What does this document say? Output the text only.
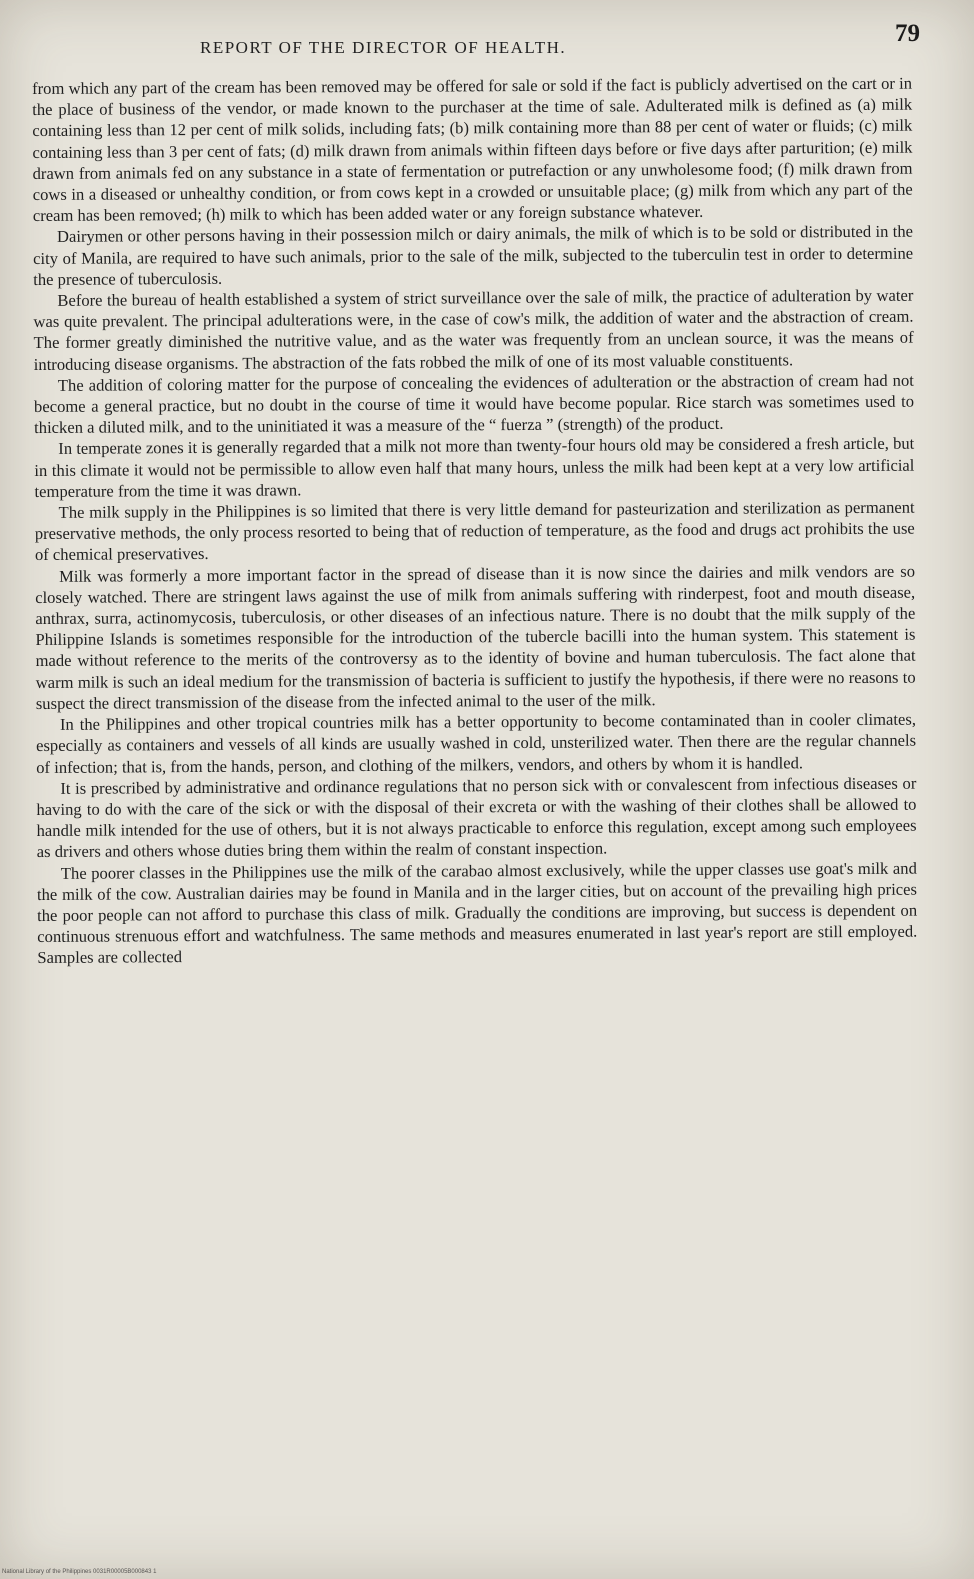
REPORT OF THE DIRECTOR OF HEALTH.
79

from which any part of the cream has been removed may be offered for sale or sold if the fact is publicly advertised on the cart or in the place of business of the vendor, or made known to the purchaser at the time of sale. Adulterated milk is defined as (a) milk containing less than 12 per cent of milk solids, including fats; (b) milk containing more than 88 per cent of water or fluids; (c) milk containing less than 3 per cent of fats; (d) milk drawn from animals within fifteen days before or five days after parturition; (e) milk drawn from animals fed on any substance in a state of fermentation or putrefaction or any unwholesome food; (f) milk drawn from cows in a diseased or unhealthy condition, or from cows kept in a crowded or unsuitable place; (g) milk from which any part of the cream has been removed; (h) milk to which has been added water or any foreign substance whatever.

Dairymen or other persons having in their possession milch or dairy animals, the milk of which is to be sold or distributed in the city of Manila, are required to have such animals, prior to the sale of the milk, subjected to the tuberculin test in order to determine the presence of tuberculosis.

Before the bureau of health established a system of strict surveillance over the sale of milk, the practice of adulteration by water was quite prevalent. The principal adulterations were, in the case of cow's milk, the addition of water and the abstraction of cream. The former greatly diminished the nutritive value, and as the water was frequently from an unclean source, it was the means of introducing disease organisms. The abstraction of the fats robbed the milk of one of its most valuable constituents.

The addition of coloring matter for the purpose of concealing the evidences of adulteration or the abstraction of cream had not become a general practice, but no doubt in the course of time it would have become popular. Rice starch was sometimes used to thicken a diluted milk, and to the uninitiated it was a measure of the “ fuerza ” (strength) of the product.

In temperate zones it is generally regarded that a milk not more than twenty-four hours old may be considered a fresh article, but in this climate it would not be permissible to allow even half that many hours, unless the milk had been kept at a very low artificial temperature from the time it was drawn.

The milk supply in the Philippines is so limited that there is very little demand for pasteurization and sterilization as permanent preservative methods, the only process resorted to being that of reduction of temperature, as the food and drugs act prohibits the use of chemical preservatives.

Milk was formerly a more important factor in the spread of disease than it is now since the dairies and milk vendors are so closely watched. There are stringent laws against the use of milk from animals suffering with rinderpest, foot and mouth disease, anthrax, surra, actinomycosis, tuberculosis, or other diseases of an infectious nature. There is no doubt that the milk supply of the Philippine Islands is sometimes responsible for the introduction of the tubercle bacilli into the human system. This statement is made without reference to the merits of the controversy as to the identity of bovine and human tuberculosis. The fact alone that warm milk is such an ideal medium for the transmission of bacteria is sufficient to justify the hypothesis, if there were no reasons to suspect the direct transmission of the disease from the infected animal to the user of the milk.

In the Philippines and other tropical countries milk has a better opportunity to become contaminated than in cooler climates, especially as containers and vessels of all kinds are usually washed in cold, unsterilized water. Then there are the regular channels of infection; that is, from the hands, person, and clothing of the milkers, vendors, and others by whom it is handled.

It is prescribed by administrative and ordinance regulations that no person sick with or convalescent from infectious diseases or having to do with the care of the sick or with the disposal of their excreta or with the washing of their clothes shall be allowed to handle milk intended for the use of others, but it is not always practicable to enforce this regulation, except among such employees as drivers and others whose duties bring them within the realm of constant inspection.

The poorer classes in the Philippines use the milk of the carabao almost exclusively, while the upper classes use goat's milk and the milk of the cow. Australian dairies may be found in Manila and in the larger cities, but on account of the prevailing high prices the poor people can not afford to purchase this class of milk. Gradually the conditions are improving, but success is dependent on continuous strenuous effort and watchfulness. The same methods and measures enumerated in last year's report are still employed. Samples are collected

National Library of the Philippines 0031R00005B000843 1
